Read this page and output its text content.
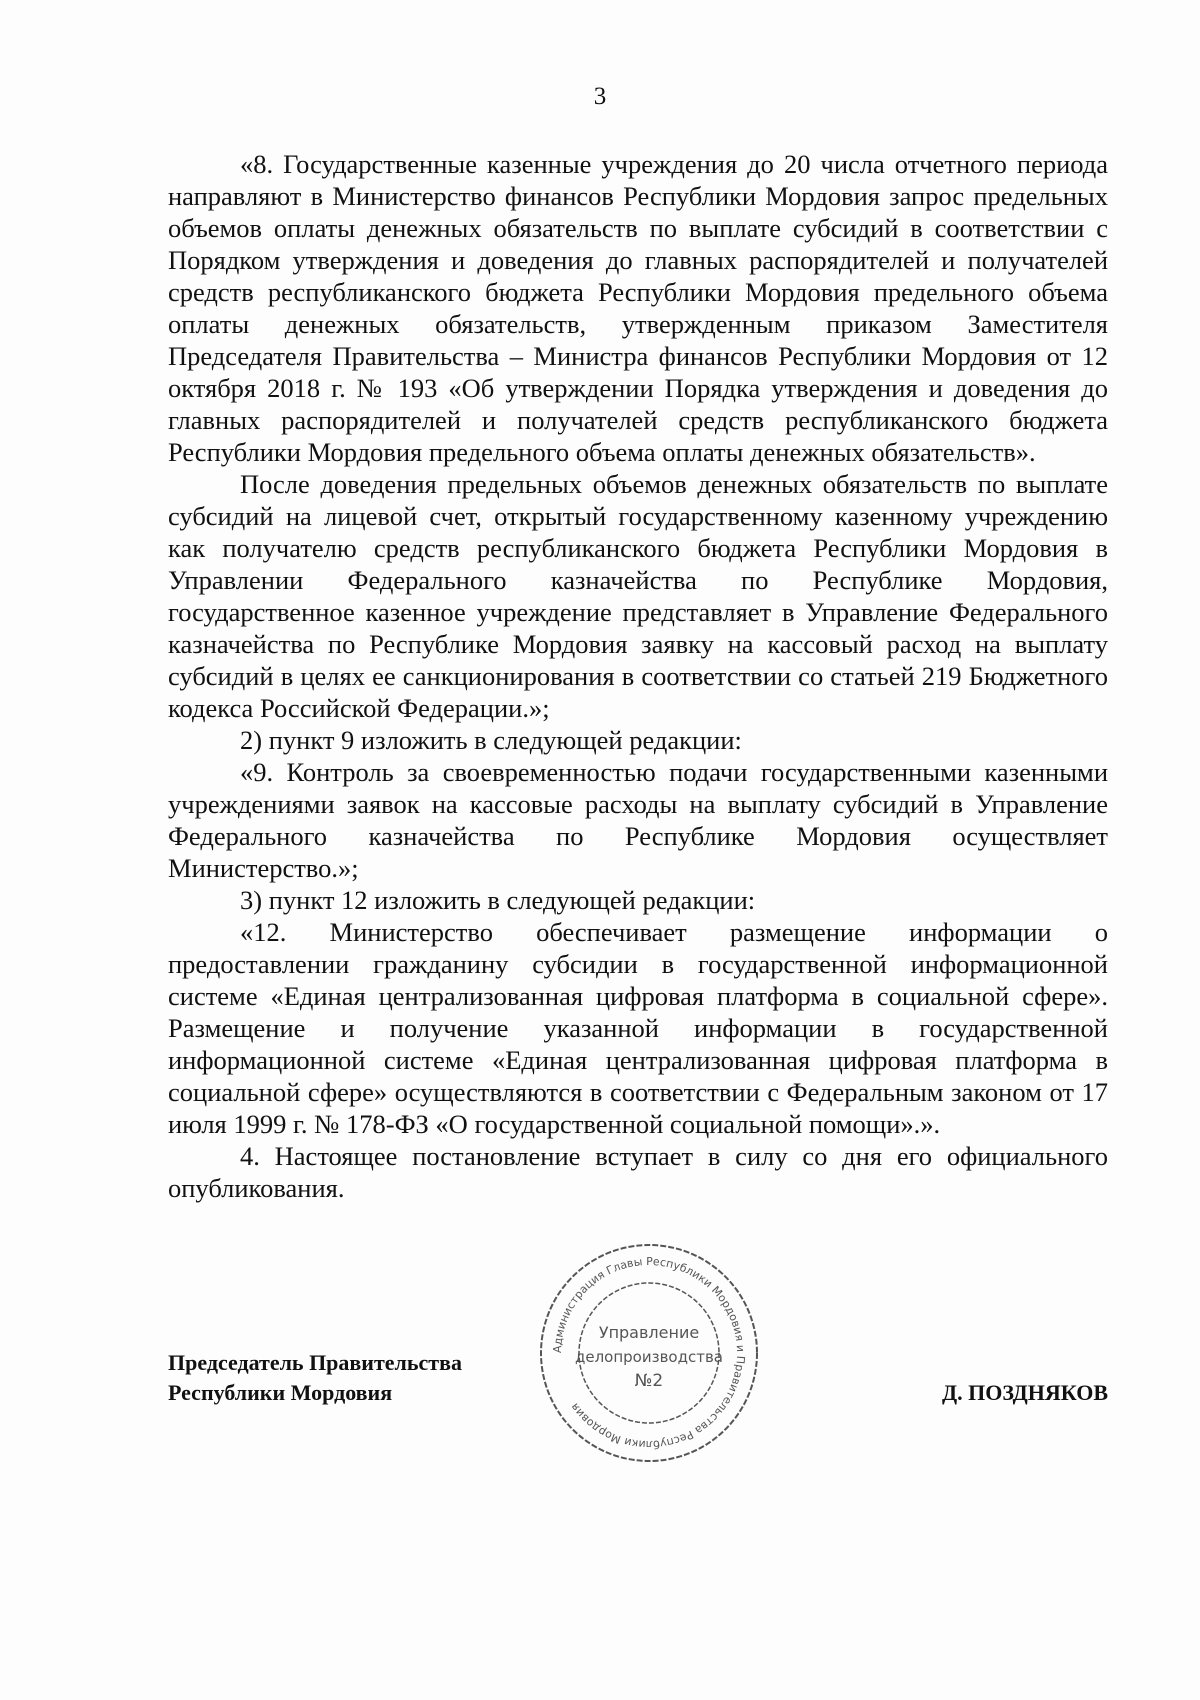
3

«8. Государственные казенные учреждения до 20 числа отчетного периода направляют в Министерство финансов Республики Мордовия запрос предельных объемов оплаты денежных обязательств по выплате субсидий в соответствии с Порядком утверждения и доведения до главных распорядителей и получателей средств республиканского бюджета Республики Мордовия предельного объема оплаты денежных обязательств, утвержденным приказом Заместителя Председателя Правительства – Министра финансов Республики Мордовия от 12 октября 2018 г. № 193 «Об утверждении Порядка утверждения и доведения до главных распорядителей и получателей средств республиканского бюджета Республики Мордовия предельного объема оплаты денежных обязательств».

После доведения предельных объемов денежных обязательств по выплате субсидий на лицевой счет, открытый государственному казенному учреждению как получателю средств республиканского бюджета Республики Мордовия в Управлении Федерального казначейства по Республике Мордовия, государственное казенное учреждение представляет в Управление Федерального казначейства по Республике Мордовия заявку на кассовый расход на выплату субсидий в целях ее санкционирования в соответствии со статьей 219 Бюджетного кодекса Российской Федерации.»;

2) пункт 9 изложить в следующей редакции:

«9. Контроль за своевременностью подачи государственными казенными учреждениями заявок на кассовые расходы на выплату субсидий в Управление Федерального казначейства по Республике Мордовия осуществляет Министерство.»;

3) пункт 12 изложить в следующей редакции:

«12. Министерство обеспечивает размещение информации о предоставлении гражданину субсидии в государственной информационной системе «Единая централизованная цифровая платформа в социальной сфере». Размещение и получение указанной информации в государственной информационной системе «Единая централизованная цифровая платформа в социальной сфере» осуществляются в соответствии с Федеральным законом от 17 июля 1999 г. № 178-ФЗ «О государственной социальной помощи».».

4. Настоящее постановление вступает в силу со дня его официального опубликования.

Председатель Правительства
Республики Мордовия	Д. ПОЗДНЯКОВ
Администрация Главы Республики Мордовия и Правительства Республики Мордовия
Управление
делопроизводства
№2
